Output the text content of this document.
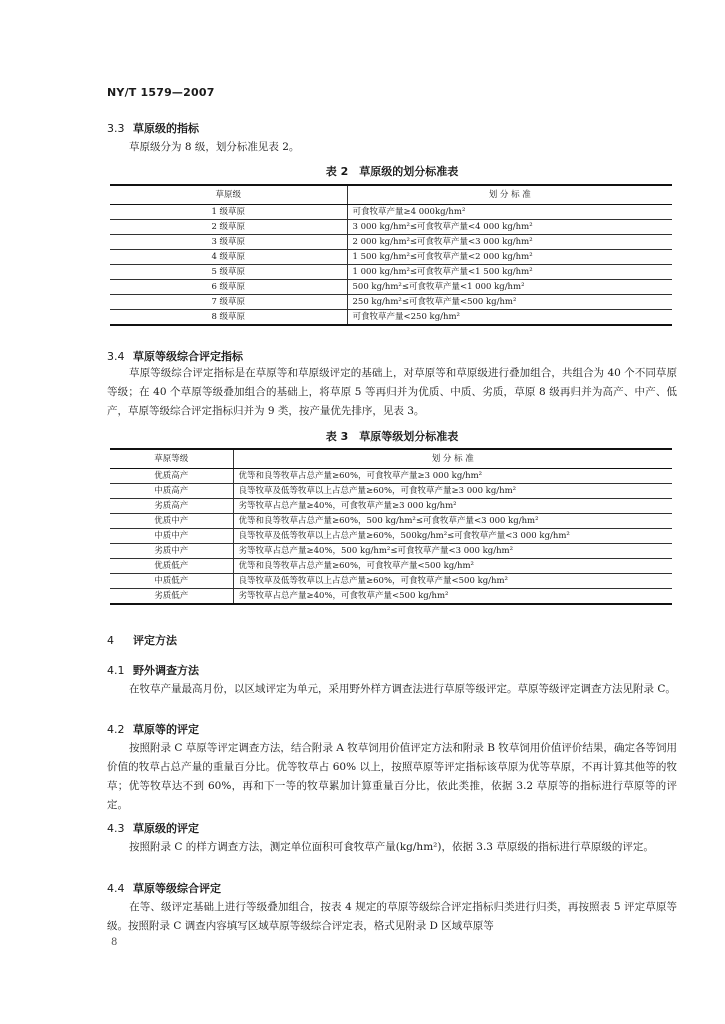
NY/T 1579—2007
3.3 草原级的指标
草原级分为 8 级，划分标准见表 2。
表 2　草原级的划分标准表
草原级	划 分 标 准
1 级草原	可食牧草产量≥4 000kg/hm²
2 级草原	3 000 kg/hm²≤可食牧草产量<4 000 kg/hm²
3 级草原	2 000 kg/hm²≤可食牧草产量<3 000 kg/hm²
4 级草原	1 500 kg/hm²≤可食牧草产量<2 000 kg/hm²
5 级草原	1 000 kg/hm²≤可食牧草产量<1 500 kg/hm²
6 级草原	500 kg/hm²≤可食牧草产量<1 000 kg/hm²
7 级草原	250 kg/hm²≤可食牧草产量<500 kg/hm²
8 级草原	可食牧草产量<250 kg/hm²
3.4 草原等级综合评定指标
草原等级综合评定指标是在草原等和草原级评定的基础上，对草原等和草原级进行叠加组合，共组合为 40 个不同草原等级；在 40 个草原等级叠加组合的基础上，将草原 5 等再归并为优质、中质、劣质，草原 8 级再归并为高产、中产、低产，草原等级综合评定指标归并为 9 类，按产量优先排序，见表 3。
表 3　草原等级划分标准表
草原等级	划 分 标 准
优质高产	优等和良等牧草占总产量≥60%，可食牧草产量≥3 000 kg/hm²
中质高产	良等牧草及低等牧草以上占总产量≥60%，可食牧草产量≥3 000 kg/hm²
劣质高产	劣等牧草占总产量≥40%，可食牧草产量≥3 000 kg/hm²
优质中产	优等和良等牧草占总产量≥60%，500 kg/hm²≤可食牧草产量<3 000 kg/hm²
中质中产	良等牧草及低等牧草以上占总产量≥60%，500kg/hm²≤可食牧草产量<3 000 kg/hm²
劣质中产	劣等牧草占总产量≥40%，500 kg/hm²≤可食牧草产量<3 000 kg/hm²
优质低产	优等和良等牧草占总产量≥60%，可食牧草产量<500 kg/hm²
中质低产	良等牧草及低等牧草以上占总产量≥60%，可食牧草产量<500 kg/hm²
劣质低产	劣等牧草占总产量≥40%，可食牧草产量<500 kg/hm²
4 评定方法
4.1 野外调查方法
在牧草产量最高月份，以区域评定为单元，采用野外样方调查法进行草原等级评定。草原等级评定调查方法见附录 C。
4.2 草原等的评定
按照附录 C 草原等评定调查方法，结合附录 A 牧草饲用价值评定方法和附录 B 牧草饲用价值评价结果，确定各等饲用价值的牧草占总产量的重量百分比。优等牧草占 60% 以上，按照草原等评定指标该草原为优等草原，不再计算其他等的牧草；优等牧草达不到 60%，再和下一等的牧草累加计算重量百分比，依此类推，依据 3.2 草原等的指标进行草原等的评定。
4.3 草原级的评定
按照附录 C 的样方调查方法，测定单位面积可食牧草产量(kg/hm²)，依据 3.3 草原级的指标进行草原级的评定。
4.4 草原等级综合评定
在等、级评定基础上进行等级叠加组合，按表 4 规定的草原等级综合评定指标归类进行归类，再按照表 5 评定草原等级。按照附录 C 调查内容填写区域草原等级综合评定表，格式见附录 D 区域草原等
8
